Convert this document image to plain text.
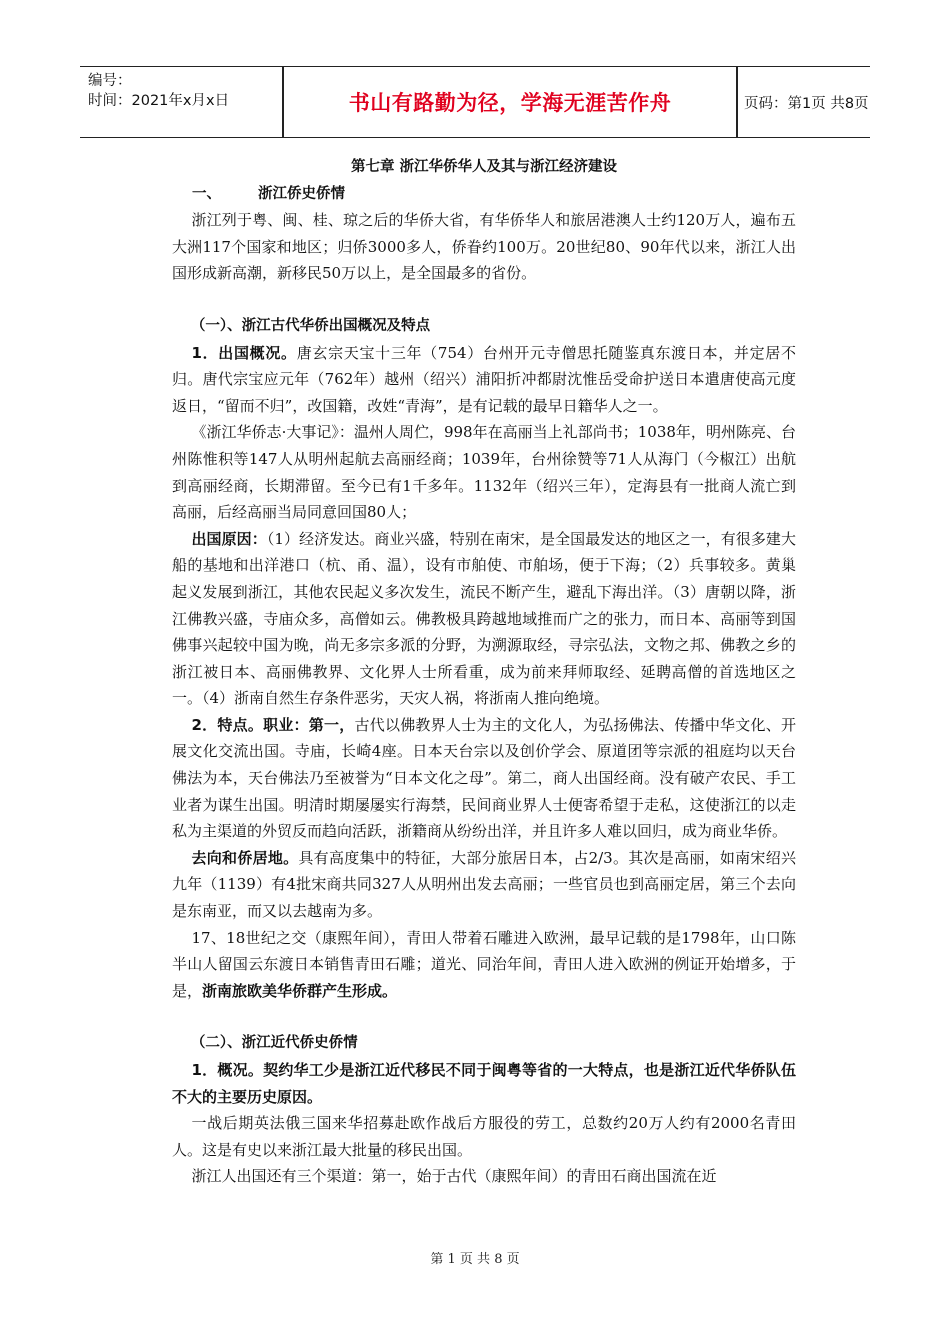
编号：
时间：2021年x月x日	书山有路勤为径，学海无涯苦作舟	页码：第1页 共8页

第七章 浙江华侨华人及其与浙江经济建设

一、	浙江侨史侨情

浙江列于粤、闽、桂、琼之后的华侨大省，有华侨华人和旅居港澳人士约120万人，遍布五大洲117个国家和地区；归侨3000多人，侨眷约100万。20世纪80、90年代以来，浙江人出国形成新高潮，新移民50万以上，是全国最多的省份。

（一）、浙江古代华侨出国概况及特点

1．出国概况。唐玄宗天宝十三年（754）台州开元寺僧思托随鉴真东渡日本，并定居不归。唐代宗宝应元年（762年）越州（绍兴）浦阳折冲都尉沈惟岳受命护送日本遣唐使高元度返日，“留而不归”，改国籍，改姓“青海”，是有记载的最早日籍华人之一。

《浙江华侨志·大事记》：温州人周伫，998年在高丽当上礼部尚书；1038年，明州陈亮、台州陈惟积等147人从明州起航去高丽经商；1039年，台州徐赞等71人从海门（今椒江）出航到高丽经商，长期滞留。至今已有1千多年。1132年（绍兴三年），定海县有一批商人流亡到高丽，后经高丽当局同意回国80人；

出国原因：（1）经济发达。商业兴盛，特别在南宋，是全国最发达的地区之一，有很多建大船的基地和出洋港口（杭、甬、温），设有市舶使、市舶场，便于下海；（2）兵事较多。黄巢起义发展到浙江，其他农民起义多次发生，流民不断产生，避乱下海出洋。（3）唐朝以降，浙江佛教兴盛，寺庙众多，高僧如云。佛教极具跨越地域推而广之的张力，而日本、高丽等到国佛事兴起较中国为晚，尚无多宗多派的分野，为溯源取经，寻宗弘法，文物之邦、佛教之乡的浙江被日本、高丽佛教界、文化界人士所看重，成为前来拜师取经、延聘高僧的首选地区之一。（4）浙南自然生存条件恶劣，天灾人祸，将浙南人推向绝境。

2．特点。职业：第一，古代以佛教界人士为主的文化人，为弘扬佛法、传播中华文化、开展文化交流出国。寺庙，长崎4座。日本天台宗以及创价学会、原道团等宗派的祖庭均以天台佛法为本，天台佛法乃至被誉为“日本文化之母”。第二，商人出国经商。没有破产农民、手工业者为谋生出国。明清时期屡屡实行海禁，民间商业界人士便寄希望于走私，这使浙江的以走私为主渠道的外贸反而趋向活跃，浙籍商从纷纷出洋，并且许多人难以回归，成为商业华侨。

去向和侨居地。具有高度集中的特征，大部分旅居日本，占2/3。其次是高丽，如南宋绍兴九年（1139）有4批宋商共同327人从明州出发去高丽；一些官员也到高丽定居，第三个去向是东南亚，而又以去越南为多。

17、18世纪之交（康熙年间），青田人带着石雕进入欧洲，最早记载的是1798年，山口陈半山人留国云东渡日本销售青田石雕；道光、同治年间，青田人进入欧洲的例证开始增多，于是，浙南旅欧美华侨群产生形成。

（二）、浙江近代侨史侨情

1．概况。契约华工少是浙江近代移民不同于闽粤等省的一大特点，也是浙江近代华侨队伍不大的主要历史原因。

一战后期英法俄三国来华招募赴欧作战后方服役的劳工，总数约20万人约有2000名青田人。这是有史以来浙江最大批量的移民出国。

浙江人出国还有三个渠道：第一，始于古代（康熙年间）的青田石商出国流在近

第 1 页 共 8 页
